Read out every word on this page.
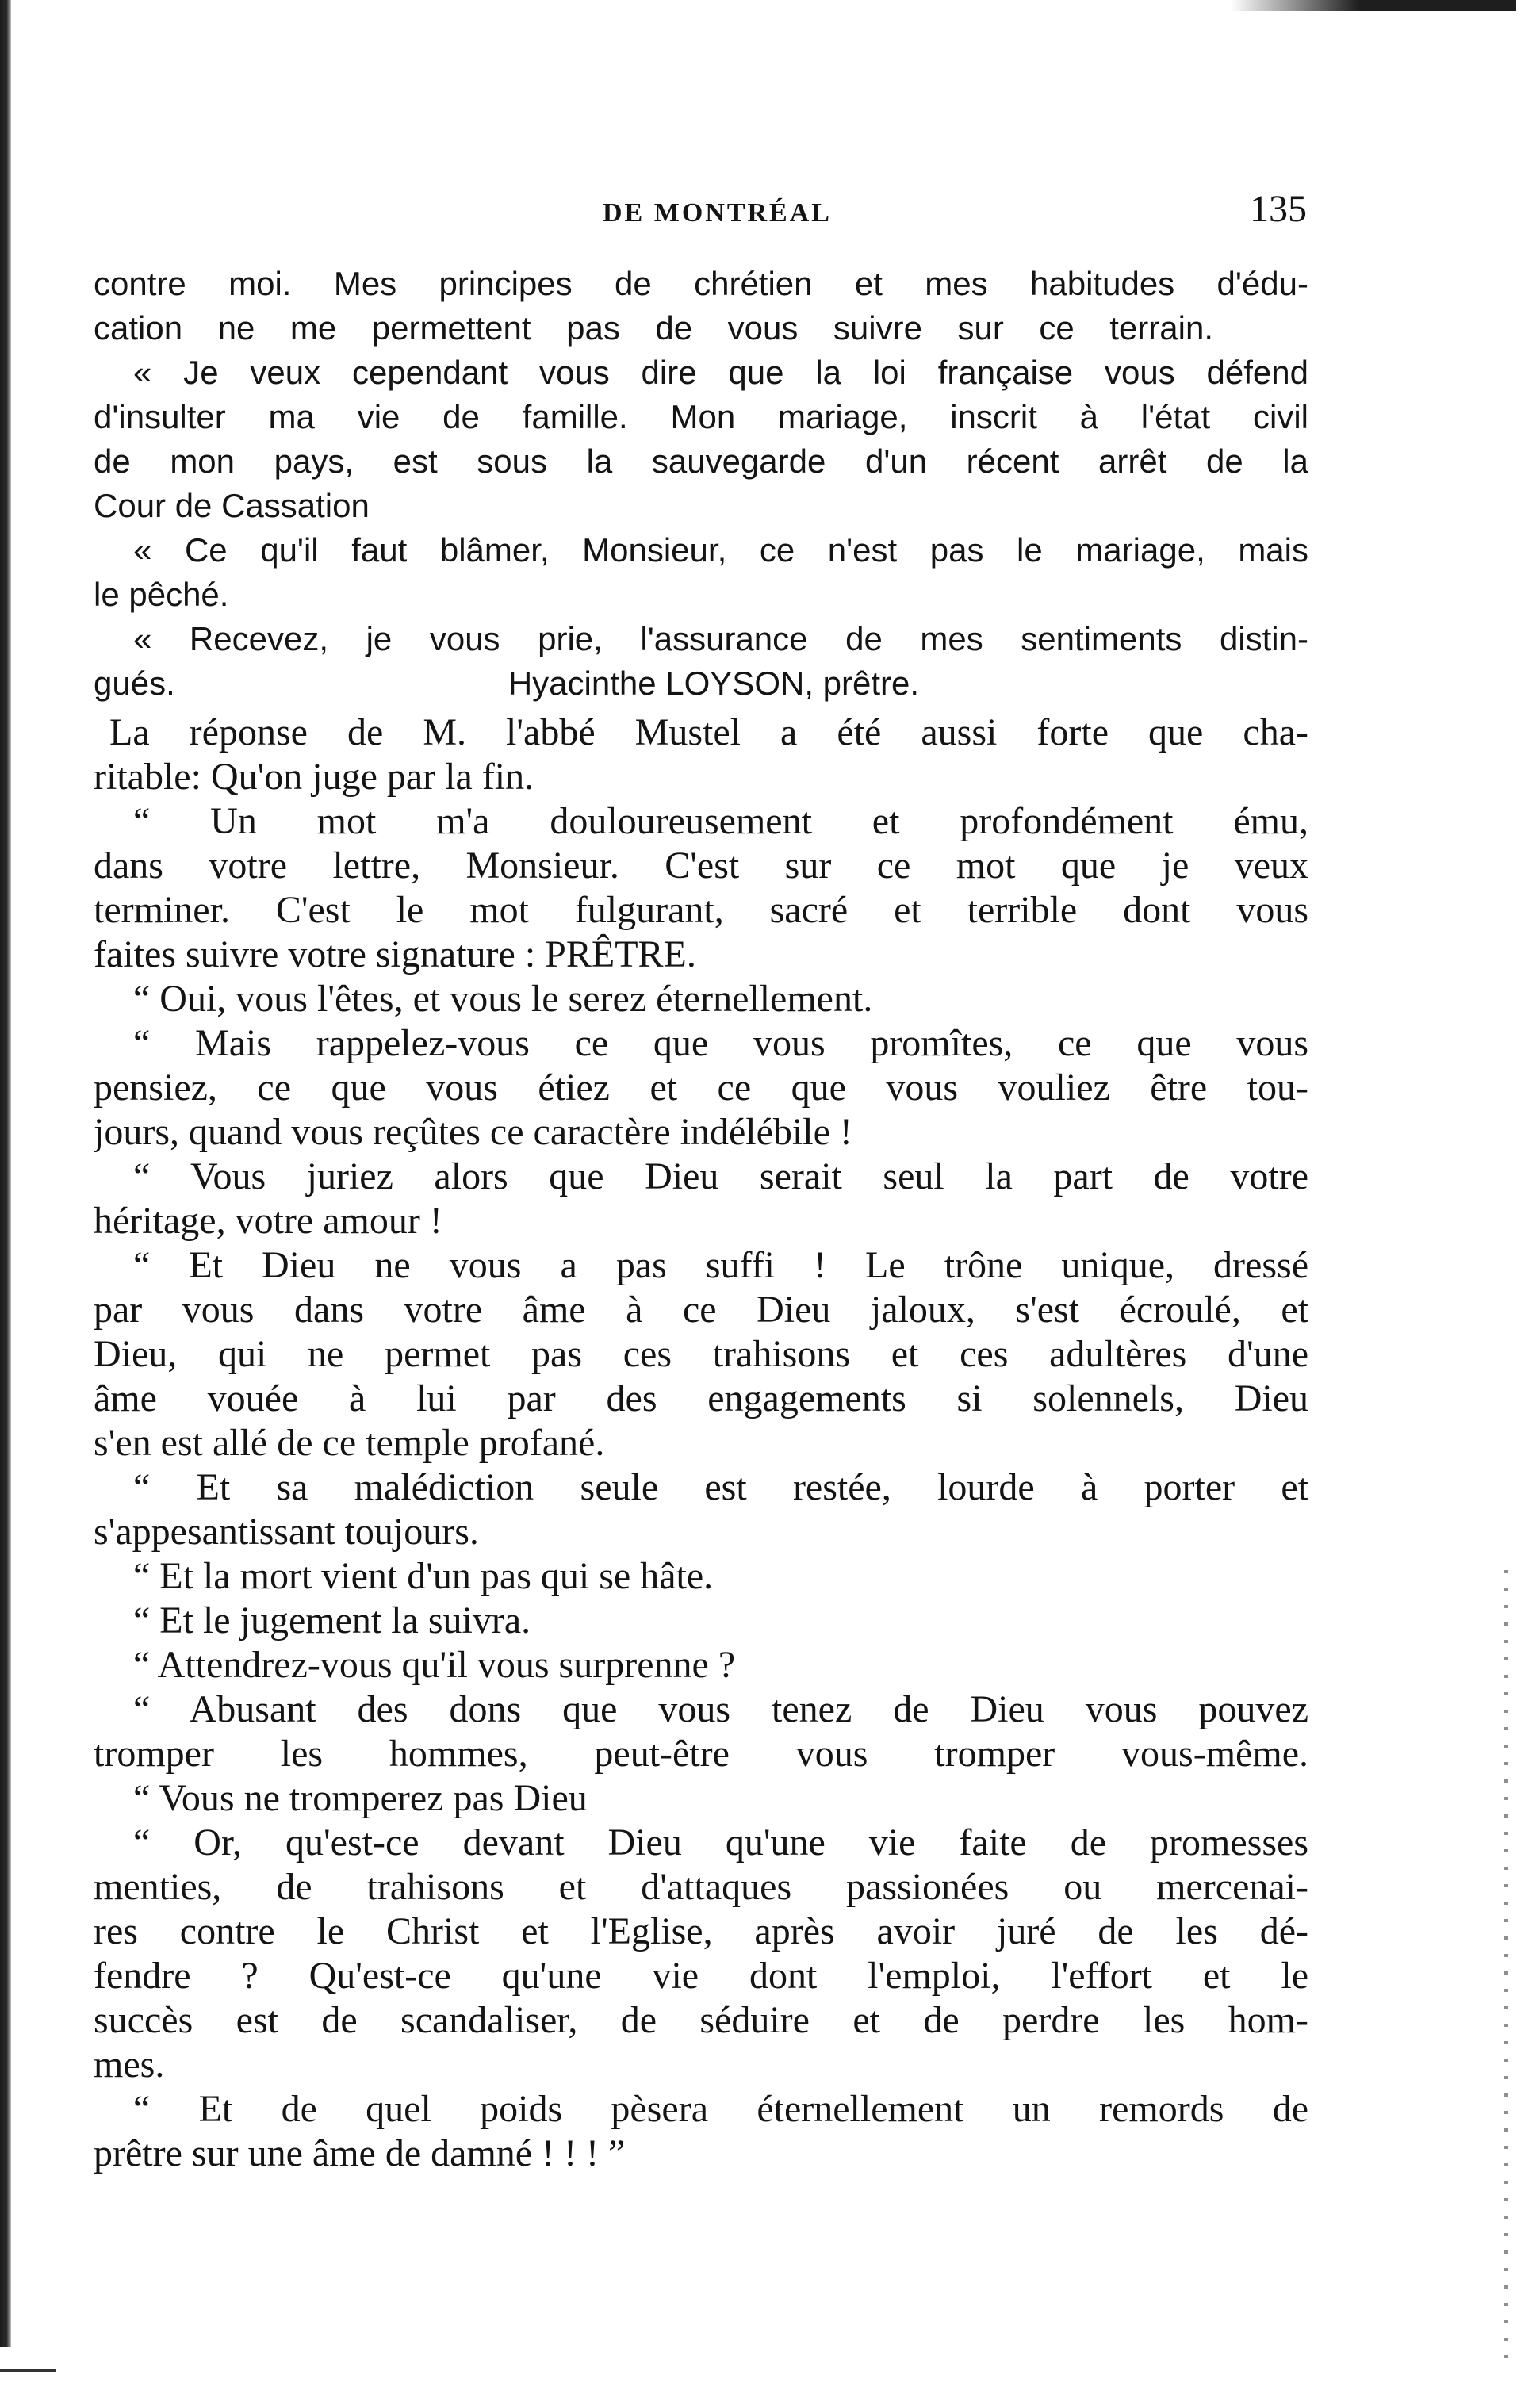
DE MONTRÉAL	135
contre moi. Mes principes de chrétien et mes habitudes d'édu-
cation ne me permettent pas de vous suivre sur ce terrain.
« Je veux cependant vous dire que la loi française vous défend
d'insulter ma vie de famille. Mon mariage, inscrit à l'état civil
de mon pays, est sous la sauvegarde d'un récent arrêt de la
Cour de Cassation
« Ce qu'il faut blâmer, Monsieur, ce n'est pas le mariage, mais
le pêché.
« Recevez, je vous prie, l'assurance de mes sentiments distin-
gués.                                    Hyacinthe LOYSON, prêtre.
La réponse de M. l'abbé Mustel a été aussi forte que cha-
ritable: Qu'on juge par la fin.
“ Un mot m'a douloureusement et profondément ému,
dans votre lettre, Monsieur. C'est sur ce mot que je veux
terminer. C'est le mot fulgurant, sacré et terrible dont vous
faites suivre votre signature : PRÊTRE.
“ Oui, vous l'êtes, et vous le serez éternellement.
“ Mais rappelez-vous ce que vous promîtes, ce que vous
pensiez, ce que vous étiez et ce que vous vouliez être tou-
jours, quand vous reçûtes ce caractère indélébile !
“ Vous juriez alors que Dieu serait seul la part de votre
héritage, votre amour !
“ Et Dieu ne vous a pas suffi ! Le trône unique, dressé
par vous dans votre âme à ce Dieu jaloux, s'est écroulé, et
Dieu, qui ne permet pas ces trahisons et ces adultères d'une
âme vouée à lui par des engagements si solennels, Dieu
s'en est allé de ce temple profané.
“ Et sa malédiction seule est restée, lourde à porter et
s'appesantissant toujours.
“ Et la mort vient d'un pas qui se hâte.
“ Et le jugement la suivra.
“ Attendrez-vous qu'il vous surprenne ?
“ Abusant des dons que vous tenez de Dieu vous pouvez
tromper les hommes, peut-être vous tromper vous-même.
“ Vous ne tromperez pas Dieu
“ Or, qu'est-ce devant Dieu qu'une vie faite de promesses
menties, de trahisons et d'attaques passionées ou mercenai-
res contre le Christ et l'Eglise, après avoir juré de les dé-
fendre ? Qu'est-ce qu'une vie dont l'emploi, l'effort et le
succès est de scandaliser, de séduire et de perdre les hom-
mes.
“ Et de quel poids pèsera éternellement un remords de
prêtre sur une âme de damné ! ! ! ”
